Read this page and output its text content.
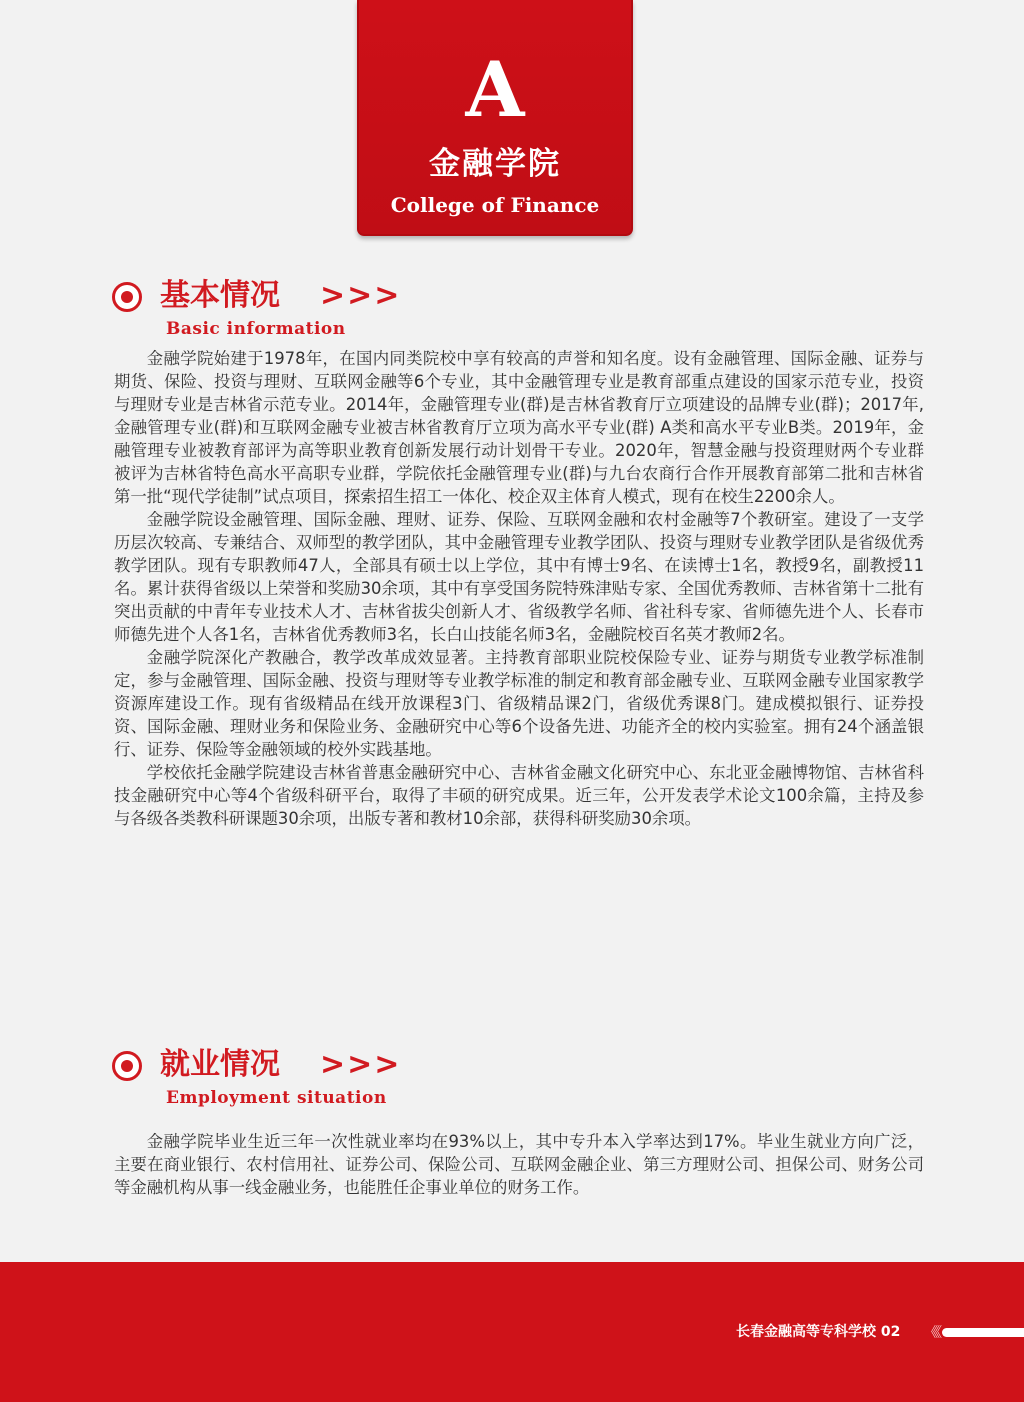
A
金融学院
College of Finance
基本情况 >>>
Basic information

金融学院始建于1978年，在国内同类院校中享有较高的声誉和知名度。设有金融管理、国际金融、证券与期货、保险、投资与理财、互联网金融等6个专业，其中金融管理专业是教育部重点建设的国家示范专业，投资与理财专业是吉林省示范专业。2014年，金融管理专业(群)是吉林省教育厅立项建设的品牌专业(群)；2017年,金融管理专业(群)和互联网金融专业被吉林省教育厅立项为高水平专业(群) A类和高水平专业B类。2019年，金融管理专业被教育部评为高等职业教育创新发展行动计划骨干专业。2020年，智慧金融与投资理财两个专业群被评为吉林省特色高水平高职专业群，学院依托金融管理专业(群)与九台农商行合作开展教育部第二批和吉林省第一批“现代学徒制”试点项目，探索招生招工一体化、校企双主体育人模式，现有在校生2200余人。

金融学院设金融管理、国际金融、理财、证券、保险、互联网金融和农村金融等7个教研室。建设了一支学历层次较高、专兼结合、双师型的教学团队，其中金融管理专业教学团队、投资与理财专业教学团队是省级优秀教学团队。现有专职教师47人，全部具有硕士以上学位，其中有博士9名、在读博士1名，教授9名，副教授11名。累计获得省级以上荣誉和奖励30余项，其中有享受国务院特殊津贴专家、全国优秀教师、吉林省第十二批有突出贡献的中青年专业技术人才、吉林省拔尖创新人才、省级教学名师、省社科专家、省师德先进个人、长春市师德先进个人各1名，吉林省优秀教师3名，长白山技能名师3名，金融院校百名英才教师2名。

金融学院深化产教融合，教学改革成效显著。主持教育部职业院校保险专业、证券与期货专业教学标准制定，参与金融管理、国际金融、投资与理财等专业教学标准的制定和教育部金融专业、互联网金融专业国家教学资源库建设工作。现有省级精品在线开放课程3门、省级精品课2门，省级优秀课8门。建成模拟银行、证券投资、国际金融、理财业务和保险业务、金融研究中心等6个设备先进、功能齐全的校内实验室。拥有24个涵盖银行、证券、保险等金融领域的校外实践基地。

学校依托金融学院建设吉林省普惠金融研究中心、吉林省金融文化研究中心、东北亚金融博物馆、吉林省科技金融研究中心等4个省级科研平台，取得了丰硕的研究成果。近三年，公开发表学术论文100余篇，主持及参与各级各类教科研课题30余项，出版专著和教材10余部，获得科研奖励30余项。

就业情况 >>>
Employment situation

金融学院毕业生近三年一次性就业率均在93%以上，其中专升本入学率达到17%。毕业生就业方向广泛，主要在商业银行、农村信用社、证券公司、保险公司、互联网金融企业、第三方理财公司、担保公司、财务公司等金融机构从事一线金融业务，也能胜任企事业单位的财务工作。

长春金融高等专科学校 02 《《
